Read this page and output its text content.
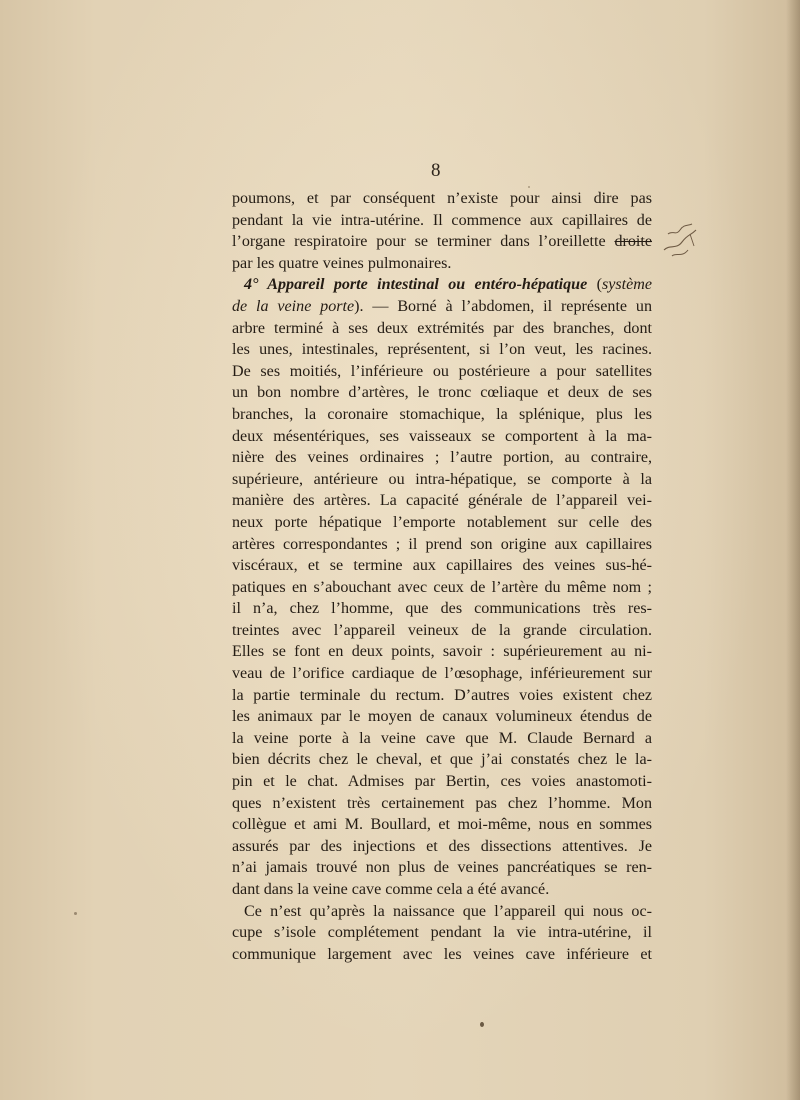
8
poumons, et par conséquent n’existe pour ainsi dire pas
pendant la vie intra-utérine. Il commence aux capillaires de
l’organe respiratoire pour se terminer dans l’oreillette droite
par les quatre veines pulmonaires.
4° Appareil porte intestinal ou entéro-hépatique (système
de la veine porte). — Borné à l’abdomen, il représente un
arbre terminé à ses deux extrémités par des branches, dont
les unes, intestinales, représentent, si l’on veut, les racines.
De ses moitiés, l’inférieure ou postérieure a pour satellites
un bon nombre d’artères, le tronc cœliaque et deux de ses
branches, la coronaire stomachique, la splénique, plus les
deux mésentériques, ses vaisseaux se comportent à la ma-
nière des veines ordinaires ; l’autre portion, au contraire,
supérieure, antérieure ou intra-hépatique, se comporte à la
manière des artères. La capacité générale de l’appareil vei-
neux porte hépatique l’emporte notablement sur celle des
artères correspondantes ; il prend son origine aux capillaires
viscéraux, et se termine aux capillaires des veines sus-hé-
patiques en s’abouchant avec ceux de l’artère du même nom ;
il n’a, chez l’homme, que des communications très res-
treintes avec l’appareil veineux de la grande circulation.
Elles se font en deux points, savoir : supérieurement au ni-
veau de l’orifice cardiaque de l’œsophage, inférieurement sur
la partie terminale du rectum. D’autres voies existent chez
les animaux par le moyen de canaux volumineux étendus de
la veine porte à la veine cave que M. Claude Bernard a
bien décrits chez le cheval, et que j’ai constatés chez le la-
pin et le chat. Admises par Bertin, ces voies anastomoti-
ques n’existent très certainement pas chez l’homme. Mon
collègue et ami M. Boullard, et moi-même, nous en sommes
assurés par des injections et des dissections attentives. Je
n’ai jamais trouvé non plus de veines pancréatiques se ren-
dant dans la veine cave comme cela a été avancé.
Ce n’est qu’après la naissance que l’appareil qui nous oc-
cupe s’isole complétement pendant la vie intra-utérine, il
communique largement avec les veines cave inférieure et
